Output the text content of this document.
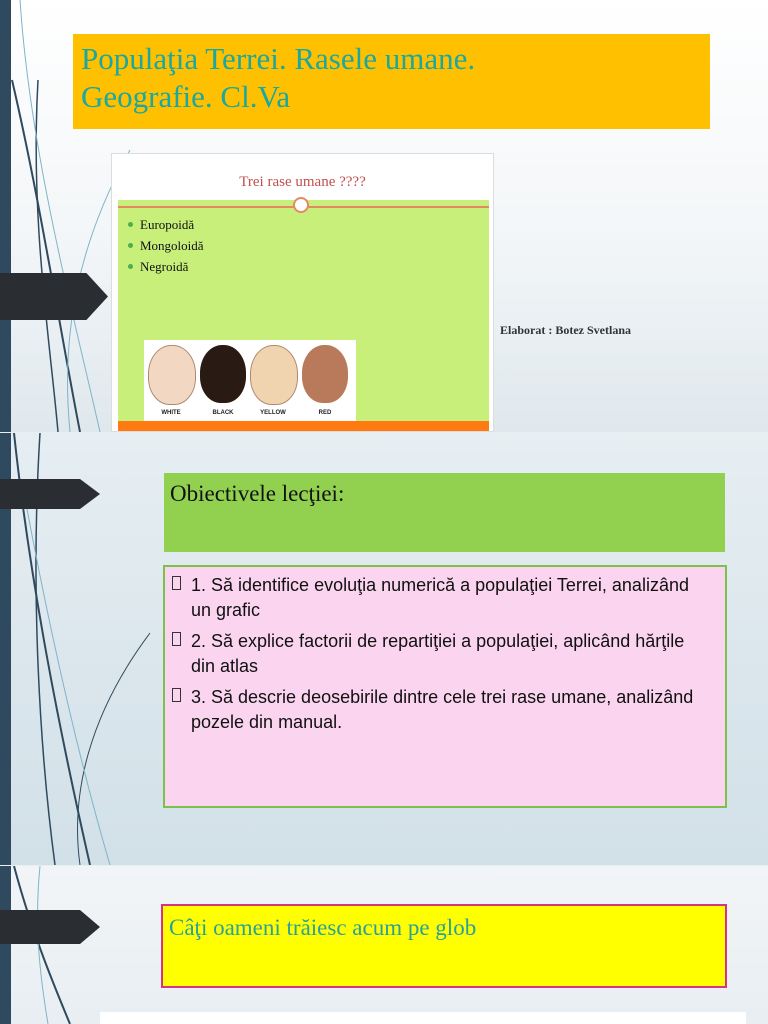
Populaţia Terrei. Rasele umane.
Geografie. Cl.Va
Trei rase umane ????
Europoidă
Mongoloidă
Negroidă
WHITE	BLACK	YELLOW	RED
Elaborat : Botez Svetlana
Obiectivele lecţiei:
1. Să identifice evoluţia numerică a populaţiei Terrei, analizând un grafic
2. Să explice factorii de repartiţiei a populaţiei, aplicând hărţile din atlas
3. Să descrie deosebirile dintre cele trei rase umane, analizând pozele din manual.
Câţi oameni trăiesc acum pe glob
